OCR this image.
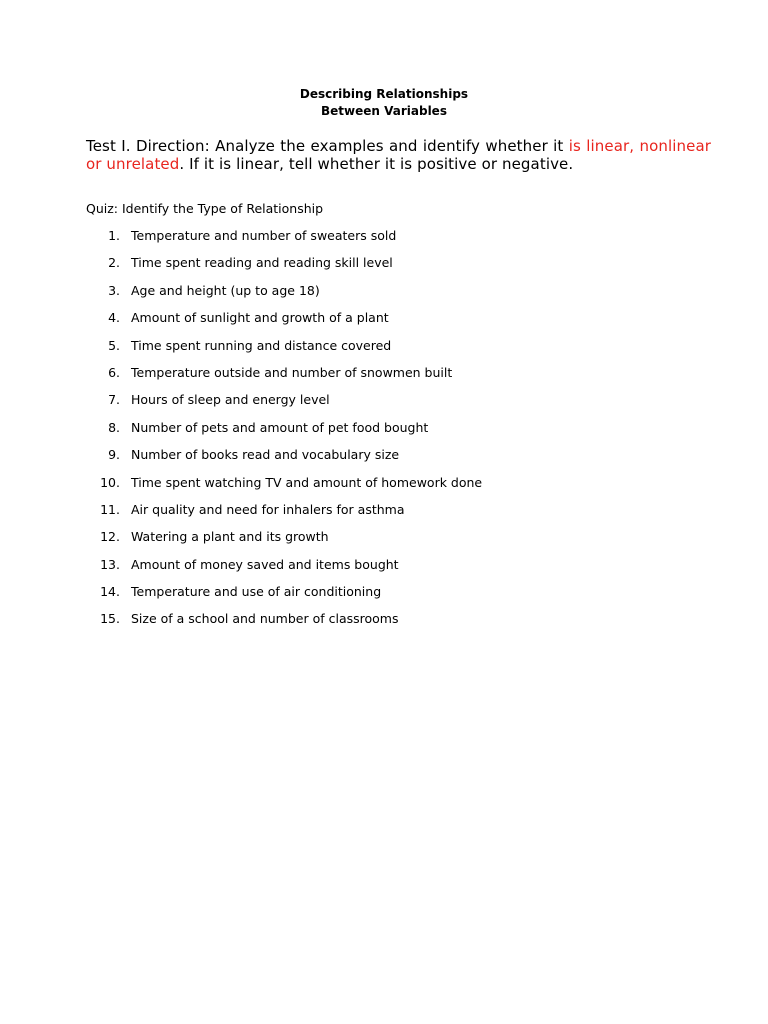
Describing Relationships
Between Variables

Test I. Direction: Analyze the examples and identify whether it is linear, nonlinear or unrelated. If it is linear, tell whether it is positive or negative.

Quiz: Identify the Type of Relationship
1. Temperature and number of sweaters sold
2. Time spent reading and reading skill level
3. Age and height (up to age 18)
4. Amount of sunlight and growth of a plant
5. Time spent running and distance covered
6. Temperature outside and number of snowmen built
7. Hours of sleep and energy level
8. Number of pets and amount of pet food bought
9. Number of books read and vocabulary size
10. Time spent watching TV and amount of homework done
11. Air quality and need for inhalers for asthma
12. Watering a plant and its growth
13. Amount of money saved and items bought
14. Temperature and use of air conditioning
15. Size of a school and number of classrooms
